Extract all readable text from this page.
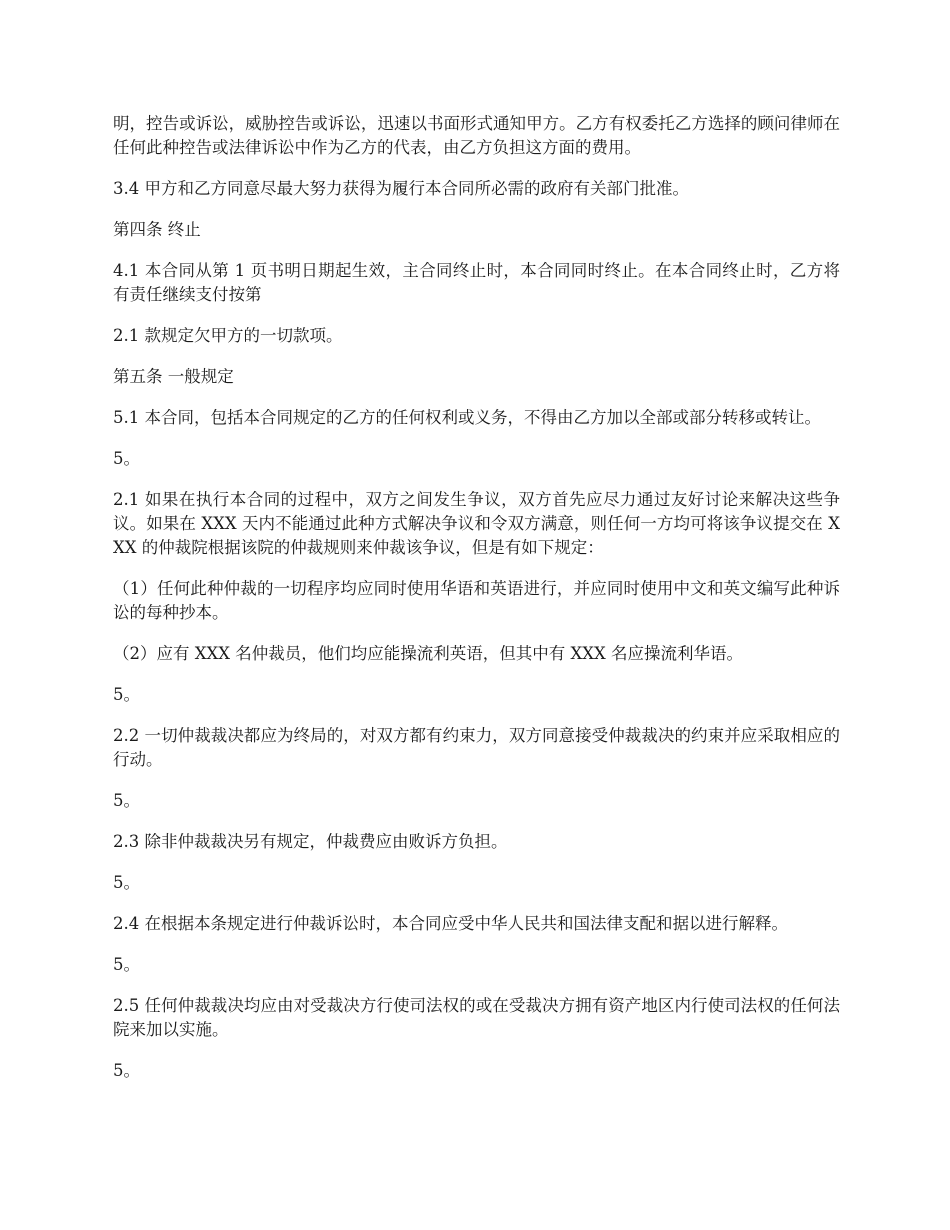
明，控告或诉讼，威胁控告或诉讼，迅速以书面形式通知甲方。乙方有权委托乙方选择的顾问律师在任何此种控告或法律诉讼中作为乙方的代表，由乙方负担这方面的费用。

3.4 甲方和乙方同意尽最大努力获得为履行本合同所必需的政府有关部门批准。

第四条 终止

4.1 本合同从第 1 页书明日期起生效，主合同终止时，本合同同时终止。在本合同终止时，乙方将有责任继续支付按第

2.1 款规定欠甲方的一切款项。

第五条 一般规定

5.1 本合同，包括本合同规定的乙方的任何权利或义务，不得由乙方加以全部或部分转移或转让。

5。

2.1 如果在执行本合同的过程中，双方之间发生争议，双方首先应尽力通过友好讨论来解决这些争议。如果在 XXX 天内不能通过此种方式解决争议和令双方满意，则任何一方均可将该争议提交在 XXX 的仲裁院根据该院的仲裁规则来仲裁该争议，但是有如下规定：

（1）任何此种仲裁的一切程序均应同时使用华语和英语进行，并应同时使用中文和英文编写此种诉讼的每种抄本。

（2）应有 XXX 名仲裁员，他们均应能操流利英语，但其中有 XXX 名应操流利华语。

5。

2.2 一切仲裁裁决都应为终局的，对双方都有约束力，双方同意接受仲裁裁决的约束并应采取相应的行动。

5。

2.3 除非仲裁裁决另有规定，仲裁费应由败诉方负担。

5。

2.4 在根据本条规定进行仲裁诉讼时，本合同应受中华人民共和国法律支配和据以进行解释。

5。

2.5 任何仲裁裁决均应由对受裁决方行使司法权的或在受裁决方拥有资产地区内行使司法权的任何法院来加以实施。

5。
